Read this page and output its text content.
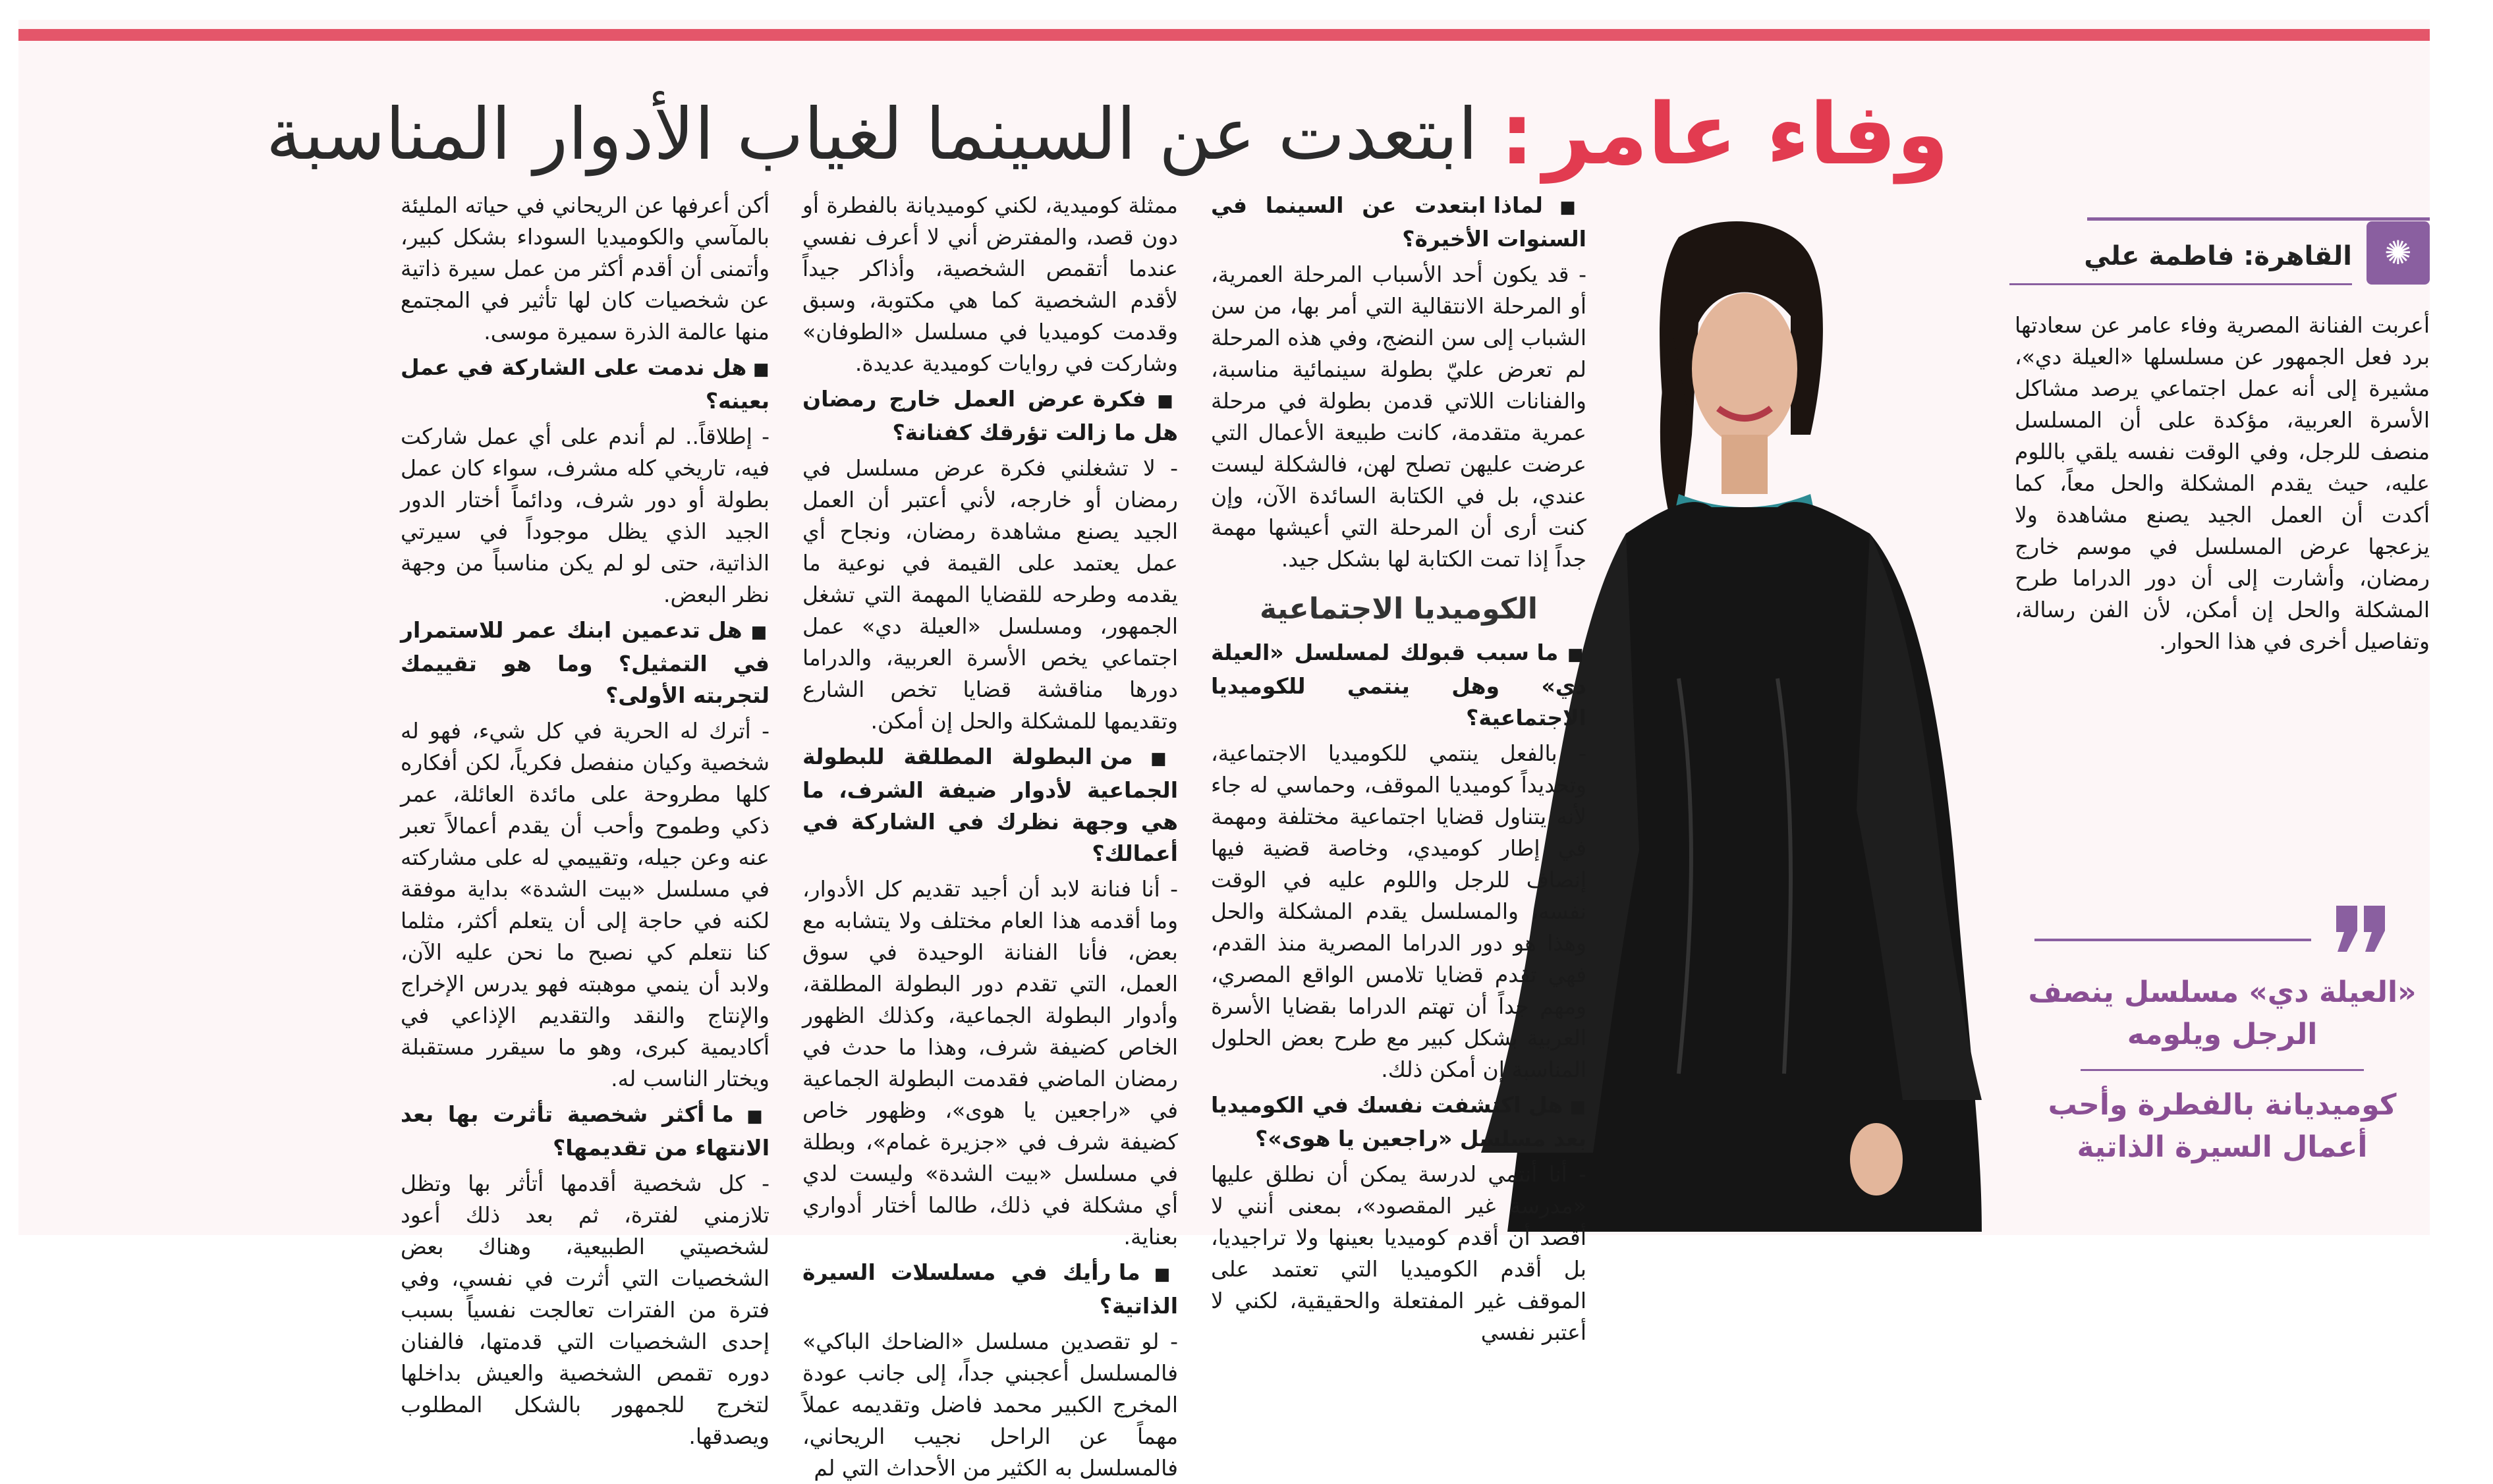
وفاء عامر
:
ابتعدت عن السينما لغياب الأدوار المناسبة
✺
القاهرة: فاطمة علي
أعربت الفنانة المصرية وفاء عامر عن سعادتها برد فعل الجمهور عن مسلسلها «العيلة دي»، مشيرة إلى أنه عمل اجتماعي يرصد مشاكل الأسرة العربية، مؤكدة على أن المسلسل منصف للرجل، وفي الوقت نفسه يلقي باللوم عليه، حيث يقدم المشكلة والحل معاً، كما أكدت أن العمل الجيد يصنع مشاهدة ولا يزعجها عرض المسلسل في موسم خارج رمضان، وأشارت إلى أن دور الدراما طرح المشكلة والحل إن أمكن، لأن الفن رسالة، وتفاصيل أخرى في هذا الحوار.
«العيلة دي» مسلسل ينصف الرجل ويلومه
كوميديانة بالفطرة وأحب أعمال السيرة الذاتية

■ لماذا ابتعدت عن السينما في السنوات الأخيرة؟

- قد يكون أحد الأسباب المرحلة العمرية، أو المرحلة الانتقالية التي أمر بها، من سن الشباب إلى سن النضج، وفي هذه المرحلة لم تعرض عليّ بطولة سينمائية مناسبة، والفنانات اللاتي قدمن بطولة في مرحلة عمرية متقدمة، كانت طبيعة الأعمال التي عرضت عليهن تصلح لهن، فالشكلة ليست عندي، بل في الكتابة السائدة الآن، وإن كنت أرى أن المرحلة التي أعيشها مهمة جداً إذا تمت الكتابة لها بشكل جيد.

الكوميديا الاجتماعية

■ ما سبب قبولك لمسلسل «العيلة دي» وهل ينتمي للكوميديا الاجتماعية؟

- بالفعل ينتمي للكوميديا الاجتماعية، وتحديداً كوميديا الموقف، وحماسي له جاء لأنه يتناول قضايا اجتماعية مختلفة ومهمة في إطار كوميدي، وخاصة قضية فيها إنصاف للرجل واللوم عليه في الوقت نفسه، والمسلسل يقدم المشكلة والحل وهذا هو دور الدراما المصرية منذ القدم، فهي تقدم قضايا تلامس الواقع المصري، ومهم جداً أن تهتم الدراما بقضايا الأسرة العربية بشكل كبير مع طرح بعض الحلول المناسبة إن أمكن ذلك.

■ هل اكتشفت نفسك في الكوميديا بعد مسلسل «راجعين يا هوى»؟

- أنا أنتمي لدرسة يمكن أن نطلق عليها «مدرسة غير المقصود»، بمعنى أنني لا أقصد أن أقدم كوميديا بعينها ولا تراجيديا، بل أقدم الكوميديا التي تعتمد على الموقف غير المفتعلة والحقيقية، لكني لا أعتبر نفسي

ممثلة كوميدية، لكني كوميديانة بالفطرة أو دون قصد، والمفترض أني لا أعرف نفسي عندما أتقمص الشخصية، وأذاكر جيداً لأقدم الشخصية كما هي مكتوبة، وسبق وقدمت كوميديا في مسلسل «الطوفان» وشاركت في روايات كوميدية عديدة.

■ فكرة عرض العمل خارج رمضان هل ما زالت تؤرقك كفنانة؟

- لا تشغلني فكرة عرض مسلسل في رمضان أو خارجه، لأني أعتبر أن العمل الجيد يصنع مشاهدة رمضان، ونجاح أي عمل يعتمد على القيمة في نوعية ما يقدمه وطرحه للقضايا المهمة التي تشغل الجمهور، ومسلسل «العيلة دي» عمل اجتماعي يخص الأسرة العربية، والدراما دورها مناقشة قضايا تخص الشارع وتقديمها للمشكلة والحل إن أمكن.

■ من البطولة المطلقة للبطولة الجماعية لأدوار ضيفة الشرف، ما هي وجهة نظرك في الشاركة في أعمالك؟

- أنا فنانة لابد أن أجيد تقديم كل الأدوار، وما أقدمه هذا العام مختلف ولا يتشابه مع بعض، فأنا الفنانة الوحيدة في سوق العمل، التي تقدم دور البطولة المطلقة، وأدوار البطولة الجماعية، وكذلك الظهور الخاص كضيفة شرف، وهذا ما حدث في رمضان الماضي فقدمت البطولة الجماعية في «راجعين يا هوى»، وظهور خاص كضيفة شرف في «جزيرة غمام»، وبطلة في مسلسل «بيت الشدة» وليست لدي أي مشكلة في ذلك، طالما أختار أدواري بعناية.

■ ما رأيك في مسلسلات السيرة الذاتية؟

- لو تقصدين مسلسل «الضاحك الباكي» فالمسلسل أعجبني جداً، إلى جانب عودة المخرج الكبير محمد فاضل وتقديمه عملاً مهماً عن الراحل نجيب الريحاني، فالمسلسل به الكثير من الأحداث التي لم

أكن أعرفها عن الريحاني في حياته المليئة بالمآسي والكوميديا السوداء بشكل كبير، وأتمنى أن أقدم أكثر من عمل سيرة ذاتية عن شخصيات كان لها تأثير في المجتمع منها عالمة الذرة سميرة موسى.

■ هل ندمت على الشاركة في عمل بعينه؟

- إطلاقاً.. لم أندم على أي عمل شاركت فيه، تاريخي كله مشرف، سواء كان عمل بطولة أو دور شرف، ودائماً أختار الدور الجيد الذي يظل موجوداً في سيرتي الذاتية، حتى لو لم يكن مناسباً من وجهة نظر البعض.

■ هل تدعمين ابنك عمر للاستمرار في التمثيل؟ وما هو تقييمك لتجربته الأولى؟

- أترك له الحرية في كل شيء، فهو له شخصية وكيان منفصل فكرياً، لكن أفكاره كلها مطروحة على مائدة العائلة، عمر ذكي وطموح وأحب أن يقدم أعمالاً تعبر عنه وعن جيله، وتقييمي له على مشاركته في مسلسل «بيت الشدة» بداية موفقة لكنه في حاجة إلى أن يتعلم أكثر، مثلما كنا نتعلم كي نصبح ما نحن عليه الآن، ولابد أن ينمي موهبته فهو يدرس الإخراج والإنتاج والنقد والتقديم الإذاعي في أكاديمية كبرى، وهو ما سيقرر مستقبلة ويختار الناسب له.

■ ما أكثر شخصية تأثرت بها بعد الانتهاء من تقديمها؟

- كل شخصية أقدمها أتأثر بها وتظل تلازمني لفترة، ثم بعد ذلك أعود لشخصيتي الطبيعية، وهناك بعض الشخصيات التي أثرت في نفسي، وفي فترة من الفترات تعالجت نفسياً بسبب إحدى الشخصيات التي قدمتها، فالفنان دوره تقمص الشخصية والعيش بداخلها لتخرج للجمهور بالشكل المطلوب ويصدقها.
